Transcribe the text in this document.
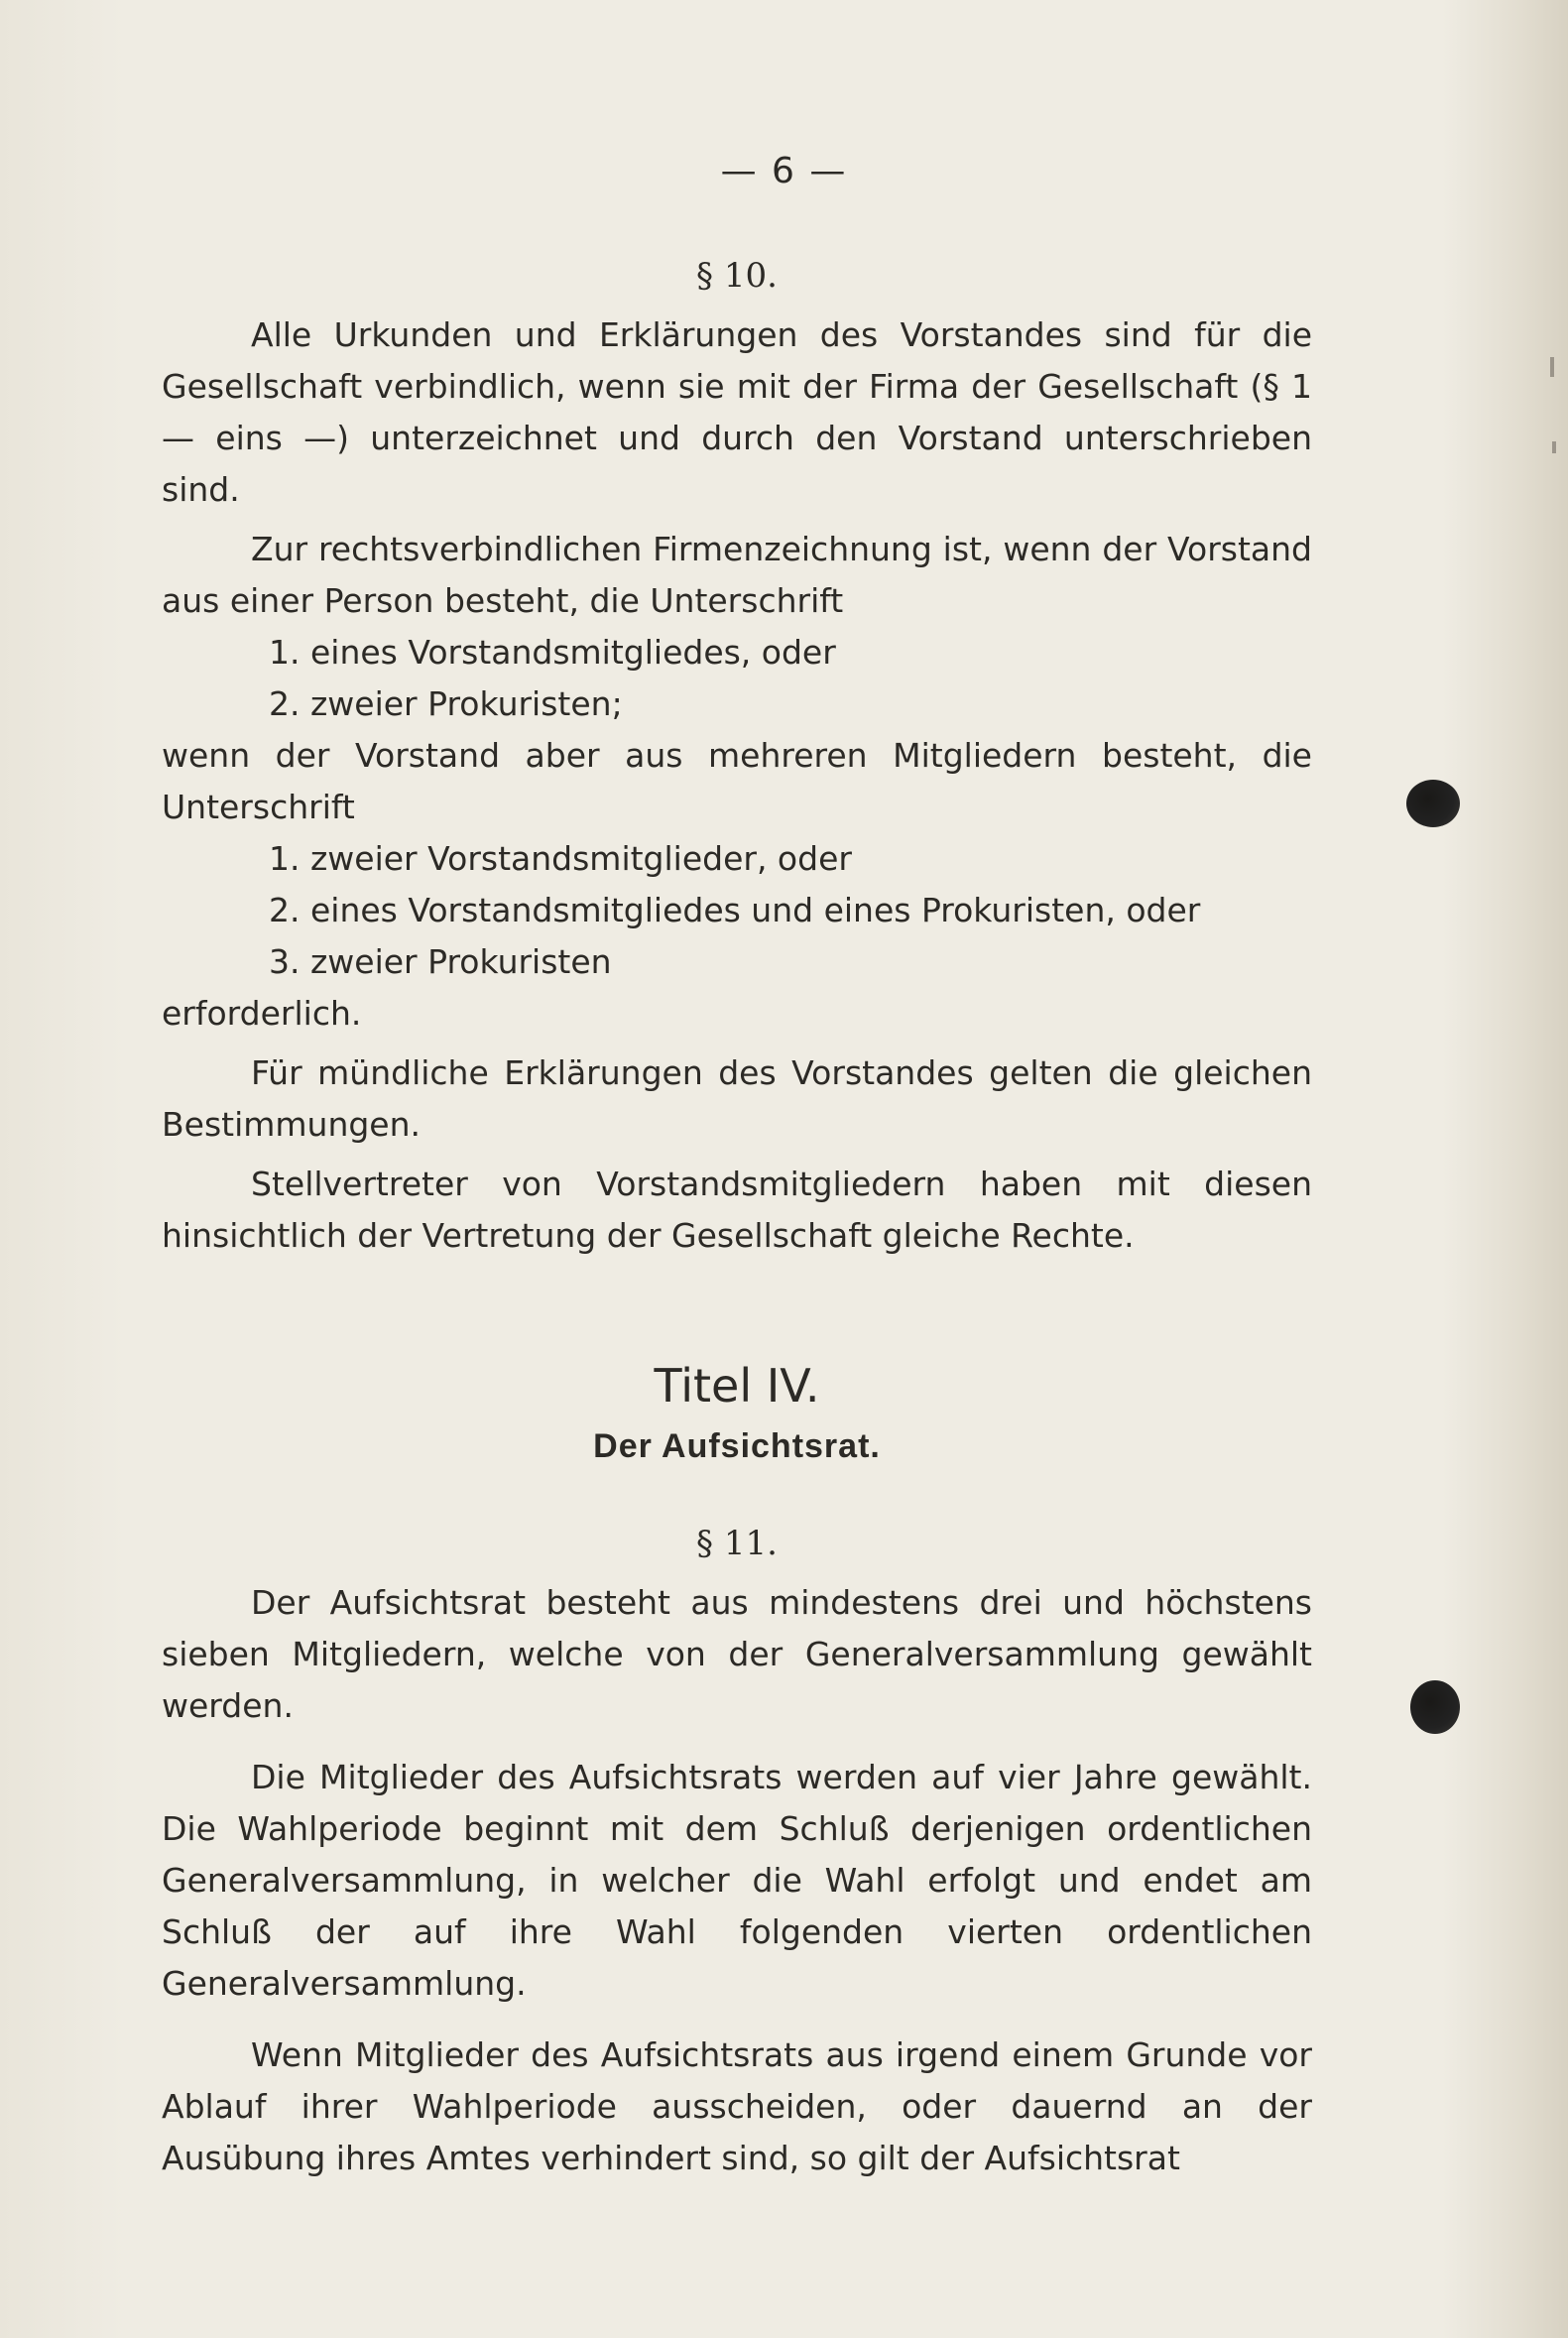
— 6 —

§ 10.

Alle Urkunden und Erklärungen des Vorstandes sind für die Gesellschaft verbindlich, wenn sie mit der Firma der Gesellschaft (§ 1 — eins —) unterzeichnet und durch den Vorstand unterschrieben sind.

Zur rechtsverbindlichen Firmenzeichnung ist, wenn der Vorstand aus einer Person besteht, die Unterschrift

1. eines Vorstandsmitgliedes, oder

2. zweier Prokuristen;

wenn der Vorstand aber aus mehreren Mitgliedern besteht, die Unterschrift

1. zweier Vorstandsmitglieder, oder

2. eines Vorstandsmitgliedes und eines Prokuristen, oder

3. zweier Prokuristen

erforderlich.

Für mündliche Erklärungen des Vorstandes gelten die gleichen Bestimmungen.

Stellvertreter von Vorstandsmitgliedern haben mit diesen hinsichtlich der Vertretung der Gesellschaft gleiche Rechte.

Titel IV.

Der Aufsichtsrat.

§ 11.

Der Aufsichtsrat besteht aus mindestens drei und höchstens sieben Mitgliedern, welche von der Generalversammlung gewählt werden.

Die Mitglieder des Aufsichtsrats werden auf vier Jahre gewählt. Die Wahlperiode beginnt mit dem Schluß derjenigen ordentlichen Generalversammlung, in welcher die Wahl erfolgt und endet am Schluß der auf ihre Wahl folgenden vierten ordentlichen Generalversammlung.

Wenn Mitglieder des Aufsichtsrats aus irgend einem Grunde vor Ablauf ihrer Wahlperiode ausscheiden, oder dauernd an der Ausübung ihres Amtes verhindert sind, so gilt der Aufsichtsrat
